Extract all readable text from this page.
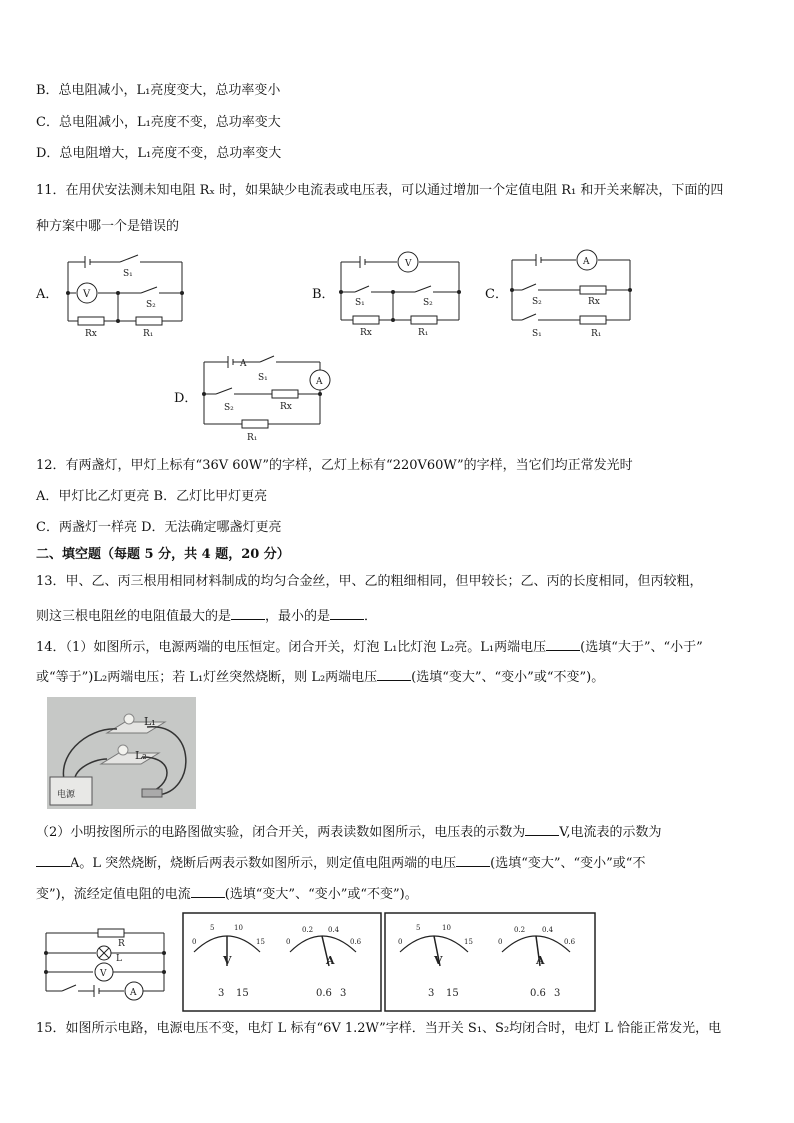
B．总电阻减小，L₁亮度变大，总功率变小
C．总电阻减小，L₁亮度不变，总功率变大
D．总电阻增大，L₁亮度不变，总功率变大
11．在用伏安法测未知电阻 Rₓ 时，如果缺少电流表或电压表，可以通过增加一个定值电阻 R₁ 和开关来解决，下面的四
种方案中哪一个是错误的
A．	B．	C．
D．
V
S₁
S₂
Rx	R₁
V
S₁	S₂
Rx	R₁
A
S₂
S₁
Rx
R₁
A
A
S₁
S₂	Rx
R₁
12．有两盏灯，甲灯上标有“36V 60W”的字样，乙灯上标有“220V60W”的字样，当它们均正常发光时
A．甲灯比乙灯更亮 B．乙灯比甲灯更亮
C．两盏灯一样亮 D．无法确定哪盏灯更亮
二、填空题（每题 5 分，共 4 题，20 分）
13．甲、乙、丙三根用相同材料制成的均匀合金丝，甲、乙的粗细相同，但甲较长；乙、丙的长度相同，但丙较粗，
则这三根电阻丝的电阻值最大的是	，最小的是	．
14．（1）如图所示，电源两端的电压恒定。闭合开关，灯泡 L₁比灯泡 L₂亮。L₁两端电压	(选填“大于”、“小于”
或“等于”)L₂两端电压；若 L₁灯丝突然烧断，则 L₂两端电压	(选填“变大”、“变小”或“不变”)。
L₁
L₂
电源
（2）小明按图所示的电路图做实验，闭合开关，两表读数如图所示，电压表的示数为	V,电流表的示数为
A。L 突然烧断，烧断后两表示数如图所示，则定值电阻两端的电压	(选填“变大”、“变小”或“不
变”)，流经定值电阻的电流	(选填“变大”、“变小”或“不变”)。
R
L
V
A
0
5	10
15
V
3 15
0
0.2 0.4
0.6
A
0.6 3
0
5	10
15
V
3 15
0
0.2 0.4
0.6
A
0.6 3
15．如图所示电路，电源电压不变，电灯 L 标有“6V 1.2W”字样．当开关 S₁、S₂均闭合时，电灯 L 恰能正常发光，电
